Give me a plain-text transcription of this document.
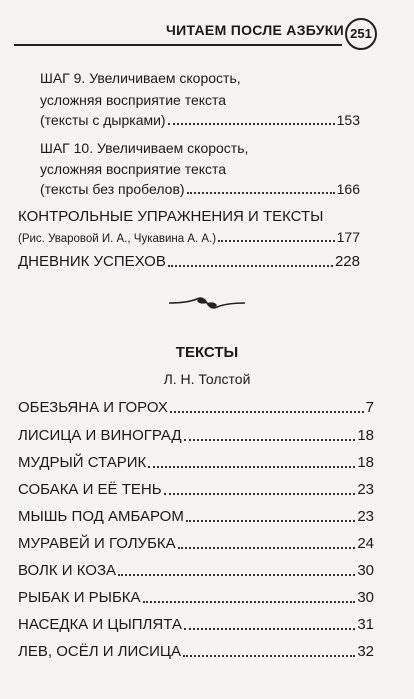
ЧИТАЕМ ПОСЛЕ АЗБУКИ 251
ШАГ 9. Увеличиваем скорость,
усложняя восприятие текста
(тексты с дырками)	153
ШАГ 10. Увеличиваем скорость,
усложняя восприятие текста
(тексты без пробелов)	166
КОНТРОЛЬНЫЕ УПРАЖНЕНИЯ И ТЕКСТЫ
(Рис. Уваровой И. А., Чукавина А. А.)	177
ДНЕВНИК УСПЕХОВ	228
ТЕКСТЫ
Л. Н. Толстой
ОБЕЗЬЯНА И ГОРОХ	7
ЛИСИЦА И ВИНОГРАД	18
МУДРЫЙ СТАРИК	18
СОБАКА И ЕЁ ТЕНЬ	23
МЫШЬ ПОД АМБАРОМ	23
МУРАВЕЙ И ГОЛУБКА	24
ВОЛК И КОЗА	30
РЫБАК И РЫБКА	30
НАСЕДКА И ЦЫПЛЯТА	31
ЛЕВ, ОСЁЛ И ЛИСИЦА	32
